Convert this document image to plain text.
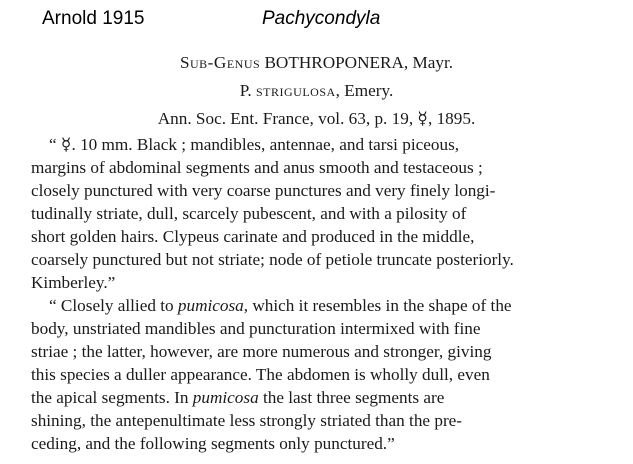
Arnold 1915	Pachycondyla
Sub-Genus BOTHROPONERA, Mayr.
P. strigulosa, Emery.
Ann. Soc. Ent. France, vol. 63, p. 19, ☿, 1895.
“ ☿. 10 mm. Black ; mandibles, antennae, and tarsi piceous,
margins of abdominal segments and anus smooth and testaceous ;
closely punctured with very coarse punctures and very finely longi-
tudinally striate, dull, scarcely pubescent, and with a pilosity of
short golden hairs. Clypeus carinate and produced in the middle,
coarsely punctured but not striate; node of petiole truncate posteriorly.
Kimberley.”
“ Closely allied to pumicosa, which it resembles in the shape of the
body, unstriated mandibles and puncturation intermixed with fine
striae ; the latter, however, are more numerous and stronger, giving
this species a duller appearance. The abdomen is wholly dull, even
the apical segments. In pumicosa the last three segments are
shining, the antepenultimate less strongly striated than the pre-
ceding, and the following segments only punctured.”
